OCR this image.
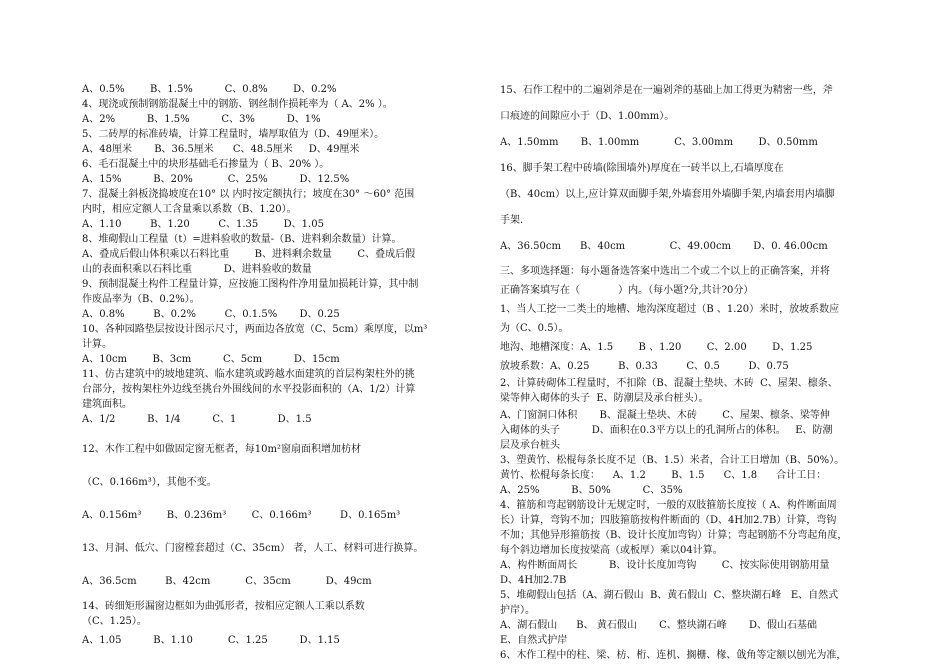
A、0.5%        B、1.5%          C、0.8%        D、0.2%
4、现浇或预制钢筋混凝土中的钢筋、钢丝制作损耗率为（ A、2% ）。
A、2%          B、1.5%          C、3%          D、1%
5、二砖厚的标准砖墙，计算工程量时，墙厚取值为（D、49厘米）。
A、48厘米       B、36.5厘米      C、48.5厘米     D、49厘米
6、毛石混凝土中的块形基础毛石掺量为（ B、20% ）。
A、15%          B、20%           C、25%          D、12.5%
7、混凝土斜板浇捣坡度在10° 以 内时按定额执行；坡度在30° ～60° 范围
内时，相应定额人工含量乘以系数（B、1.20）。
A、1.10         B、1.20         C、1.35        D、1.05
8、堆砌假山工程量（t）=进料验收的数量-（B、进料剩余数量）计算。
A、叠成后假山体积乘以石料比重        B、进料剩余数量        C、叠成后假
山的表面积乘以石料比重          D、进料验收的数量
9、预制混凝土构件工程量计算，应按施工图构件净用量加损耗计算，其中制
作废品率为（B、0.2%）。
A、0.8%         B、0.2%         C、0.1.5%       D、0.25
10、各种园路垫层按设计图示尺寸，两面边各放宽（C、5cm）乘厚度，以m³
计算。
A、10cm        B、3cm          C、5cm          D、15cm
11、仿古建筑中的坡地建筑、临水建筑或跨越水面建筑的首层构架柱外的挑
台部分，按构架柱外边线至挑台外围线间的水平投影面积的（A、1/2）计算
建筑面积。
A、1/2          B、1/4          C、1             D、1.5
12、木作工程中如做固定窗无框者，每10m²窗扇面积增加枋材
（C、0.166m³），其他不变。
A、0.156m³        B、0.236m³        C、0.166m³         D、0.165m³
13、月洞、低穴、门窗樘套超过（C、35cm） 者，人工、材料可进行换算。
A、36.5cm         B、42cm           C、35cm           D、49cm
14、砖细矩形漏窗边框如为曲弧形者，按相应定额人工乘以系数
（C、1.25）。
A、1.05          B、1.10           C、1.25          D、1.15
15、石作工程中的二遍剁斧是在一遍剁斧的基础上加工得更为精密一些，斧
口痕迹的间隙应小于（D、1.00mm）。
A、1.50mm       B、1.00mm           C、3.00mm        D、0.50mm
16、脚手架工程中砖墙(除围墙外)厚度在一砖半以上,石墙厚度在
（B、40cm）以上,应计算双面脚手架,外墙套用外墙脚手架,内墙套用内墙脚
手架.
A、36.50cm      B、40cm              C、49.00cm       D、0. 46.00cm
三、多项选择题：每小题备选答案中选出二个或二个以上的正确答案，并将
正确答案填写在（            ）内。（每小题?分,共计?0分）
1、当人工挖一二类土的地槽、地沟深度超过（B 、1.20）米时，放坡系数应
为（C、0.5）。
地沟、地槽深度：A、1.5        B 、1.20        C、2.00        D、1.25
放坡系数：A、0.25         B、0.33         C、0.5         D、0.75
2、计算砖砌体工程量时，不扣除（B、混凝土垫块、木砖  C、屋架、檩条、
梁等伸入砌体的头子  E、防潮层及承台桩头）。
A、门窗洞口体积       B、混凝土垫块、木砖        C、屋架、檩条、梁等伸
入砌体的头子          D、面积在0.3平方以上的孔洞所占的体积。   E、防潮
层及承台桩头
3、塑黄竹、松棍每条长度不足（B、1.5）米者，合计工日增加（B、50%）。
黄竹、松棍每条长度：    A、1.2        B、1.5      C、1.8      合计工日：
A、25%          B、50%          C、35%
4、箍筋和弯起钢筋设计无规定时，一般的双肢箍筋长度按（ A、构件断面周
长）计算，弯钩不加；四肢箍筋按构件断面的（D、4H加2.7B）计算，弯钩
不加；其他异形箍筋按（B、设计长度加弯钩）计算；弯起钢筋不分弯起角度，
每个斜边增加长度按梁高（或板厚）乘以04计算。
A、构件断面周长          B、设计长度加弯钩        C、按实际使用钢筋用量
D、4H加2.7B
5、堆砌假山包括（A、湖石假山  B、黄石假山  C、整块湖石峰   E、自然式
护岸）。
A、湖石假山      B、 黄石假山       C、整块湖石峰       D、假山石基础
E、自然式护岸
6、木作工程中的柱、梁、枋、桁、连机、搁栅、椽、戗角等定额以刨光为准，
